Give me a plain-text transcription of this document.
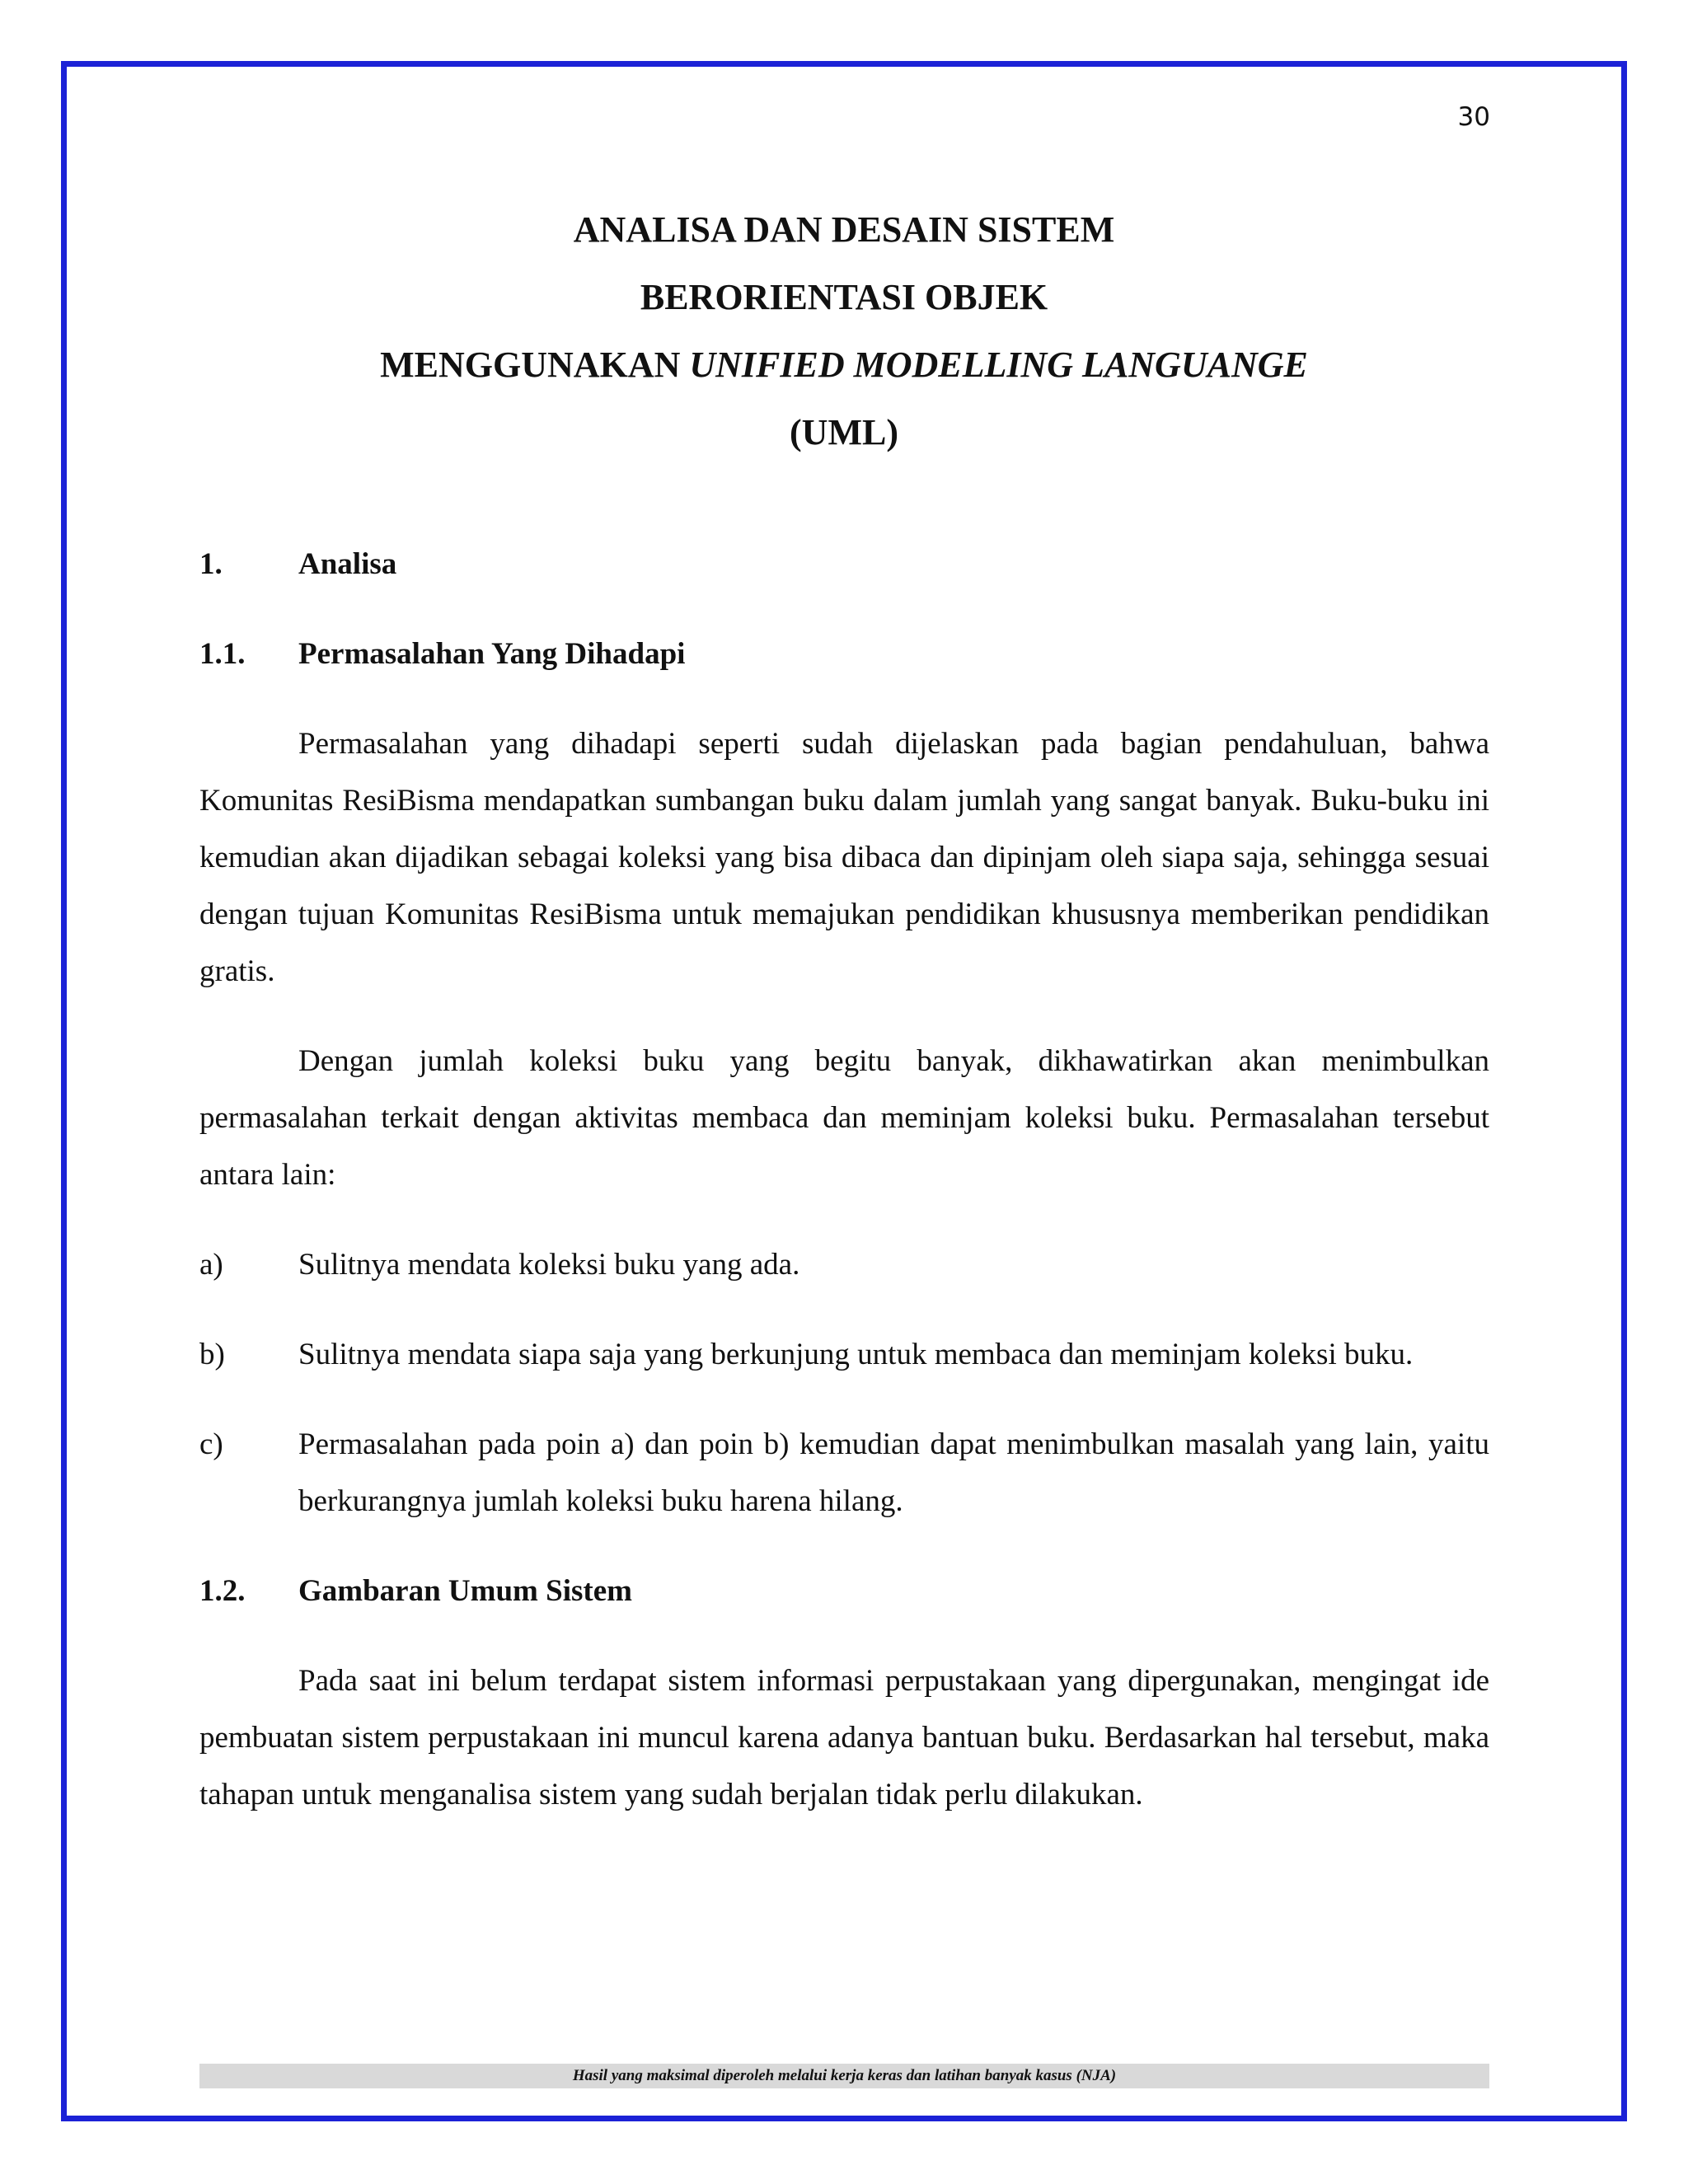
30
ANALISA DAN DESAIN SISTEM
BERORIENTASI OBJEK
MENGGUNAKAN UNIFIED MODELLING LANGUANGE
(UML)
1. Analisa
1.1. Permasalahan Yang Dihadapi

Permasalahan yang dihadapi seperti sudah dijelaskan pada bagian pendahuluan, bahwa Komunitas ResiBisma mendapatkan sumbangan buku dalam jumlah yang sangat banyak. Buku-buku ini kemudian akan dijadikan sebagai koleksi yang bisa dibaca dan dipinjam oleh siapa saja, sehingga sesuai dengan tujuan Komunitas ResiBisma untuk memajukan pendidikan khususnya memberikan pendidikan gratis.

Dengan jumlah koleksi buku yang begitu banyak, dikhawatirkan akan menimbulkan permasalahan terkait dengan aktivitas membaca dan meminjam koleksi buku. Permasalahan tersebut antara lain:

a)	Sulitnya mendata koleksi buku yang ada.
b)	Sulitnya mendata siapa saja yang berkunjung untuk membaca dan meminjam koleksi buku.
c)	Permasalahan pada poin a) dan poin b) kemudian dapat menimbulkan masalah yang lain, yaitu berkurangnya jumlah koleksi buku harena hilang.
1.2. Gambaran Umum Sistem

Pada saat ini belum terdapat sistem informasi perpustakaan yang dipergunakan, mengingat ide pembuatan sistem perpustakaan ini muncul karena adanya bantuan buku. Berdasarkan hal tersebut, maka tahapan untuk menganalisa sistem yang sudah berjalan tidak perlu dilakukan.

Hasil yang maksimal diperoleh melalui kerja keras dan latihan banyak kasus (NJA)
